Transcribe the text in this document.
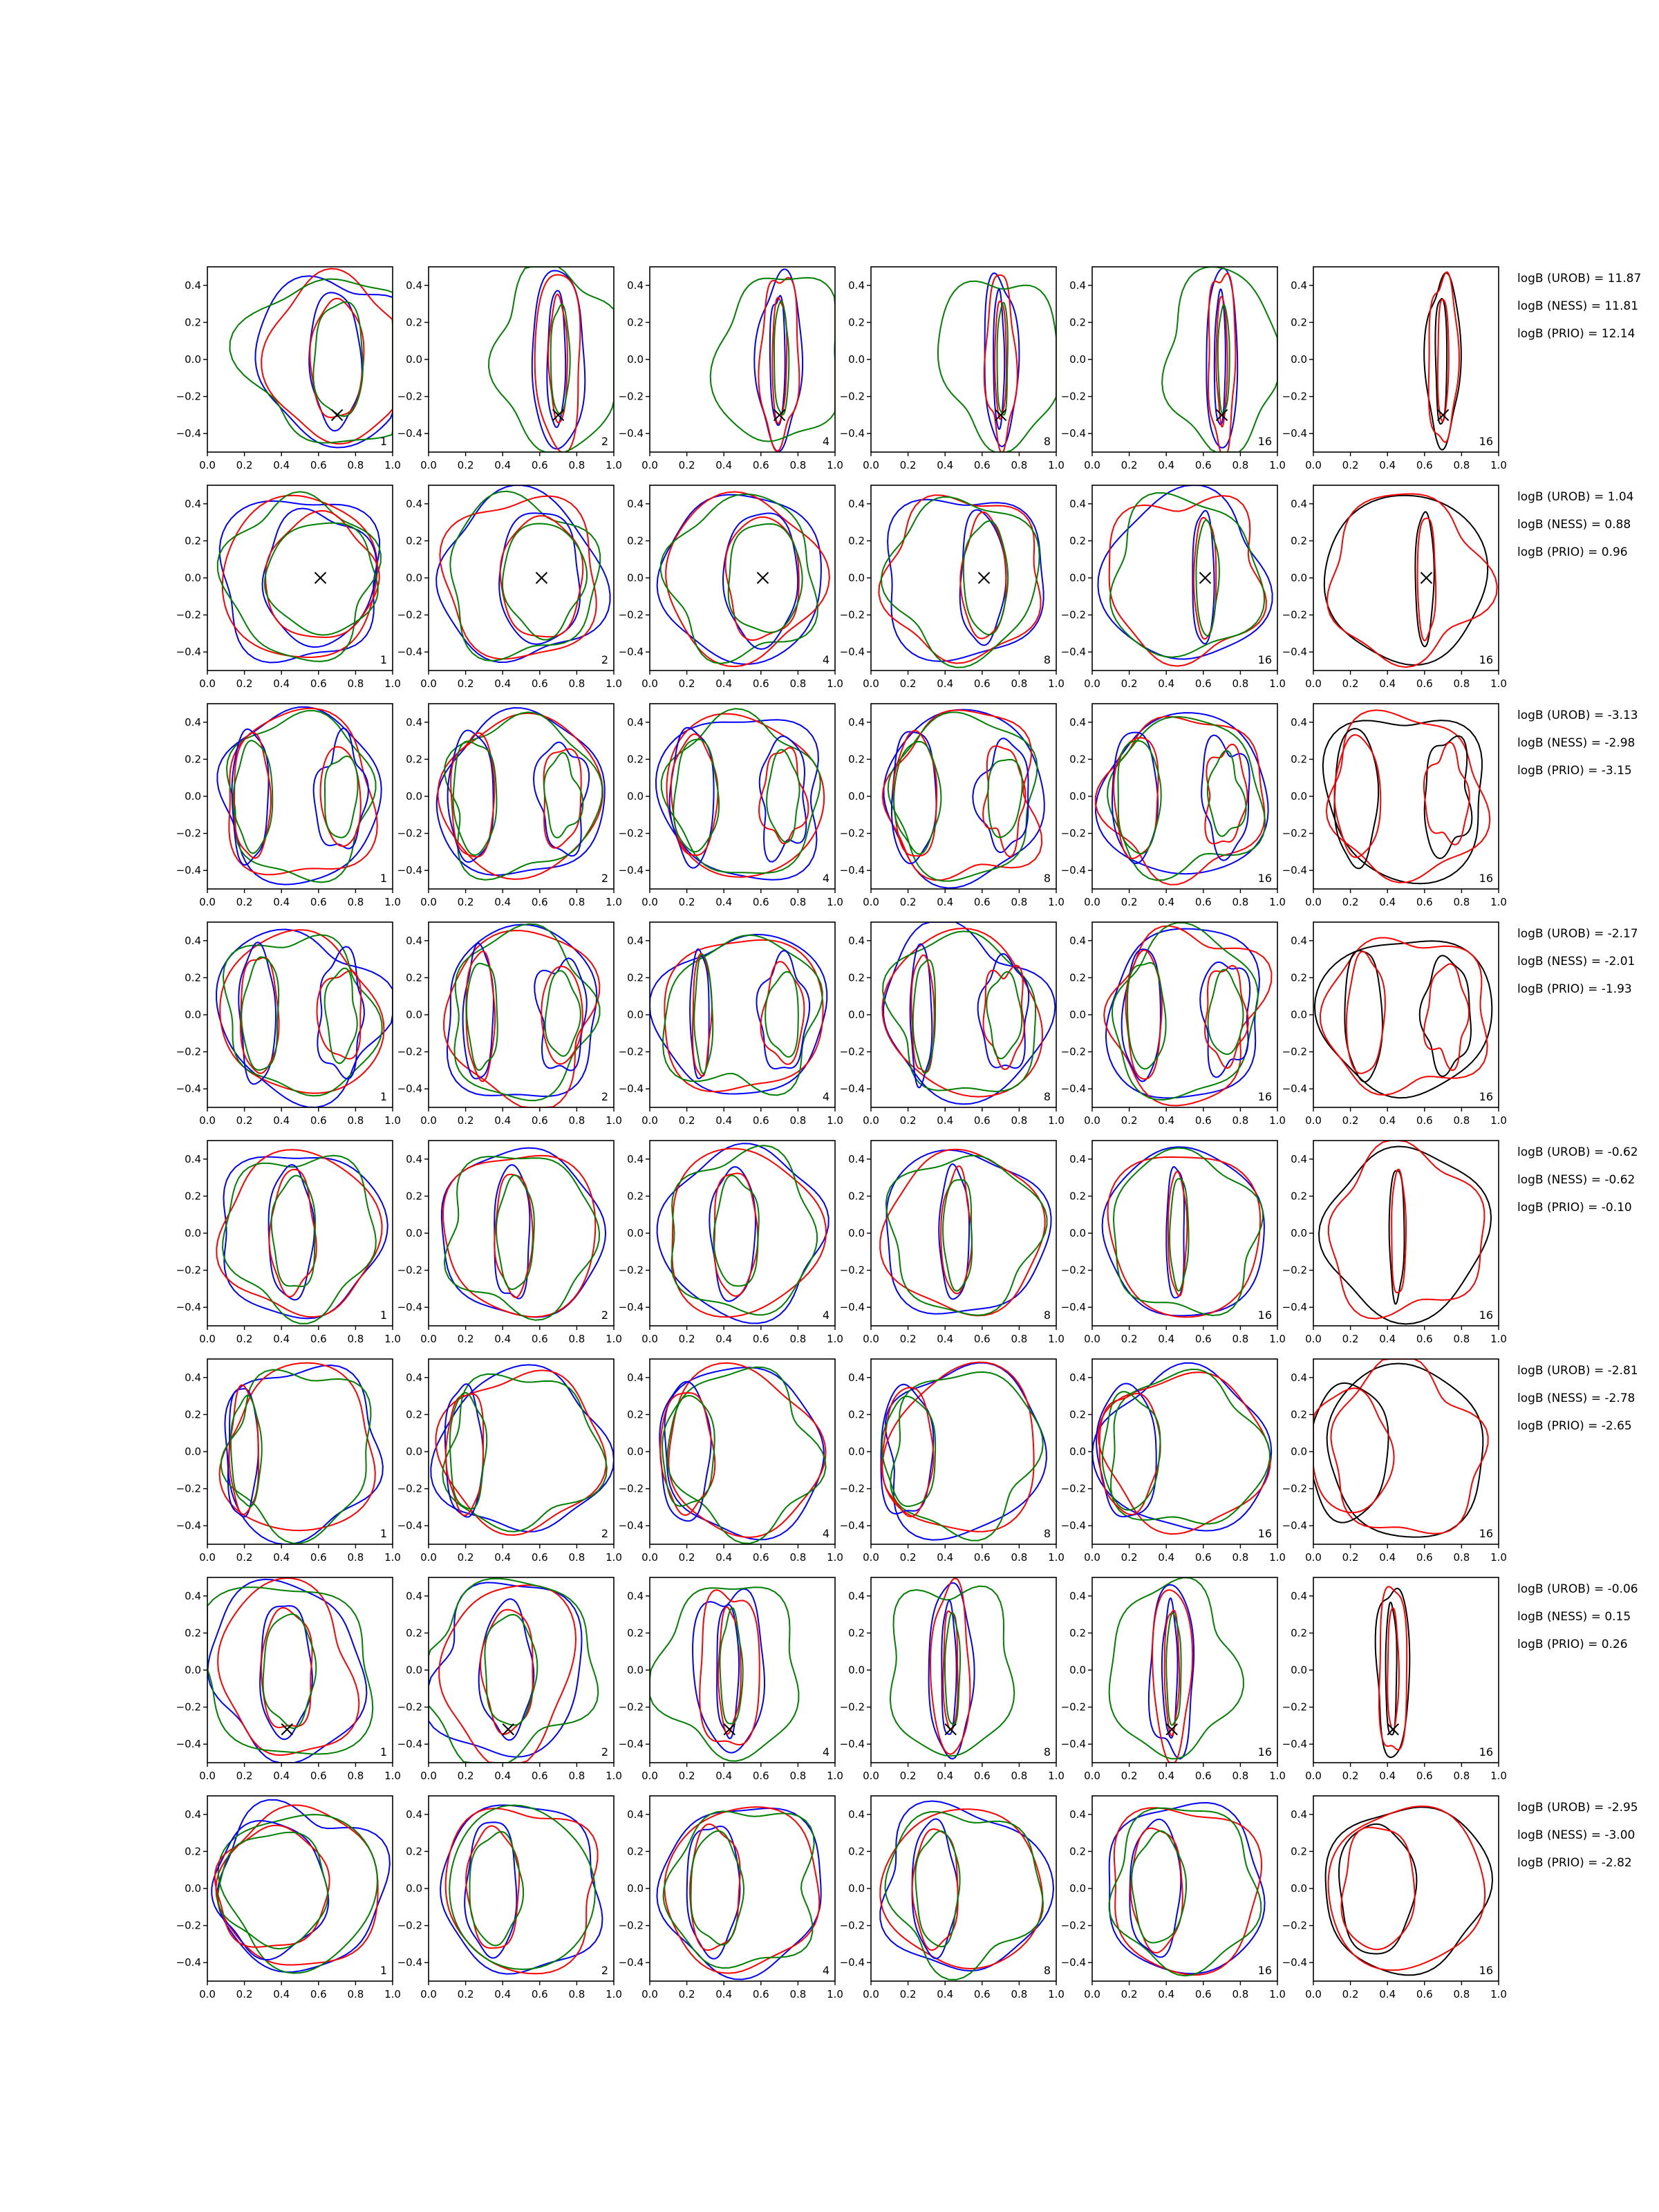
0.0 0.2 0.4 0.6 0.8 1.0
0.4
0.2
0.0
−0.2
−0.4
1
0.0 0.2 0.4 0.6 0.8 1.0
0.4
0.2
0.0
−0.2
−0.4
2
0.0 0.2 0.4 0.6 0.8 1.0
0.4
0.2
0.0
−0.2
−0.4
4
0.0 0.2 0.4 0.6 0.8 1.0
0.4
0.2
0.0
−0.2
−0.4
8
0.0 0.2 0.4 0.6 0.8 1.0
0.4
0.2
0.0
−0.2
−0.4
16
0.0 0.2 0.4 0.6 0.8 1.0
0.4
0.2
0.0
−0.2
−0.4
16
logB (UROB) = 11.87
logB (NESS) = 11.81
logB (PRIO) = 12.14
0.0 0.2 0.4 0.6 0.8 1.0
0.4
0.2
0.0
−0.2
−0.4
1
0.0 0.2 0.4 0.6 0.8 1.0
0.4
0.2
0.0
−0.2
−0.4
2
0.0 0.2 0.4 0.6 0.8 1.0
0.4
0.2
0.0
−0.2
−0.4
4
0.0 0.2 0.4 0.6 0.8 1.0
0.4
0.2
0.0
−0.2
−0.4
8
0.0 0.2 0.4 0.6 0.8 1.0
0.4
0.2
0.0
−0.2
−0.4
16
0.0 0.2 0.4 0.6 0.8 1.0
0.4
0.2
0.0
−0.2
−0.4
16
logB (UROB) = 1.04
logB (NESS) = 0.88
logB (PRIO) = 0.96
0.0 0.2 0.4 0.6 0.8 1.0
0.4
0.2
0.0
−0.2
−0.4
1
0.0 0.2 0.4 0.6 0.8 1.0
0.4
0.2
0.0
−0.2
−0.4
2
0.0 0.2 0.4 0.6 0.8 1.0
0.4
0.2
0.0
−0.2
−0.4
4
0.0 0.2 0.4 0.6 0.8 1.0
0.4
0.2
0.0
−0.2
−0.4
8
0.0 0.2 0.4 0.6 0.8 1.0
0.4
0.2
0.0
−0.2
−0.4
16
0.0 0.2 0.4 0.6 0.8 1.0
0.4
0.2
0.0
−0.2
−0.4
16
logB (UROB) = -3.13
logB (NESS) = -2.98
logB (PRIO) = -3.15
0.0 0.2 0.4 0.6 0.8 1.0
0.4
0.2
0.0
−0.2
−0.4
1
0.0 0.2 0.4 0.6 0.8 1.0
0.4
0.2
0.0
−0.2
−0.4
2
0.0 0.2 0.4 0.6 0.8 1.0
0.4
0.2
0.0
−0.2
−0.4
4
0.0 0.2 0.4 0.6 0.8 1.0
0.4
0.2
0.0
−0.2
−0.4
8
0.0 0.2 0.4 0.6 0.8 1.0
0.4
0.2
0.0
−0.2
−0.4
16
0.0 0.2 0.4 0.6 0.8 1.0
0.4
0.2
0.0
−0.2
−0.4
16
logB (UROB) = -2.17
logB (NESS) = -2.01
logB (PRIO) = -1.93
0.0 0.2 0.4 0.6 0.8 1.0
0.4
0.2
0.0
−0.2
−0.4
1
0.0 0.2 0.4 0.6 0.8 1.0
0.4
0.2
0.0
−0.2
−0.4
2
0.0 0.2 0.4 0.6 0.8 1.0
0.4
0.2
0.0
−0.2
−0.4
4
0.0 0.2 0.4 0.6 0.8 1.0
0.4
0.2
0.0
−0.2
−0.4
8
0.0 0.2 0.4 0.6 0.8 1.0
0.4
0.2
0.0
−0.2
−0.4
16
0.0 0.2 0.4 0.6 0.8 1.0
0.4
0.2
0.0
−0.2
−0.4
16
logB (UROB) = -0.62
logB (NESS) = -0.62
logB (PRIO) = -0.10
0.0 0.2 0.4 0.6 0.8 1.0
0.4
0.2
0.0
−0.2
−0.4
1
0.0 0.2 0.4 0.6 0.8 1.0
0.4
0.2
0.0
−0.2
−0.4
2
0.0 0.2 0.4 0.6 0.8 1.0
0.4
0.2
0.0
−0.2
−0.4
4
0.0 0.2 0.4 0.6 0.8 1.0
0.4
0.2
0.0
−0.2
−0.4
8
0.0 0.2 0.4 0.6 0.8 1.0
0.4
0.2
0.0
−0.2
−0.4
16
0.0 0.2 0.4 0.6 0.8 1.0
0.4
0.2
0.0
−0.2
−0.4
16
logB (UROB) = -2.81
logB (NESS) = -2.78
logB (PRIO) = -2.65
0.0 0.2 0.4 0.6 0.8 1.0
0.4
0.2
0.0
−0.2
−0.4
1
0.0 0.2 0.4 0.6 0.8 1.0
0.4
0.2
0.0
−0.2
−0.4
2
0.0 0.2 0.4 0.6 0.8 1.0
0.4
0.2
0.0
−0.2
−0.4
4
0.0 0.2 0.4 0.6 0.8 1.0
0.4
0.2
0.0
−0.2
−0.4
8
0.0 0.2 0.4 0.6 0.8 1.0
0.4
0.2
0.0
−0.2
−0.4
16
0.0 0.2 0.4 0.6 0.8 1.0
0.4
0.2
0.0
−0.2
−0.4
16
logB (UROB) = -0.06
logB (NESS) = 0.15
logB (PRIO) = 0.26
0.0 0.2 0.4 0.6 0.8 1.0
0.4
0.2
0.0
−0.2
−0.4
1
0.0 0.2 0.4 0.6 0.8 1.0
0.4
0.2
0.0
−0.2
−0.4
2
0.0 0.2 0.4 0.6 0.8 1.0
0.4
0.2
0.0
−0.2
−0.4
4
0.0 0.2 0.4 0.6 0.8 1.0
0.4
0.2
0.0
−0.2
−0.4
8
0.0 0.2 0.4 0.6 0.8 1.0
0.4
0.2
0.0
−0.2
−0.4
16
0.0 0.2 0.4 0.6 0.8 1.0
0.4
0.2
0.0
−0.2
−0.4
16
logB (UROB) = -2.95
logB (NESS) = -3.00
logB (PRIO) = -2.82
